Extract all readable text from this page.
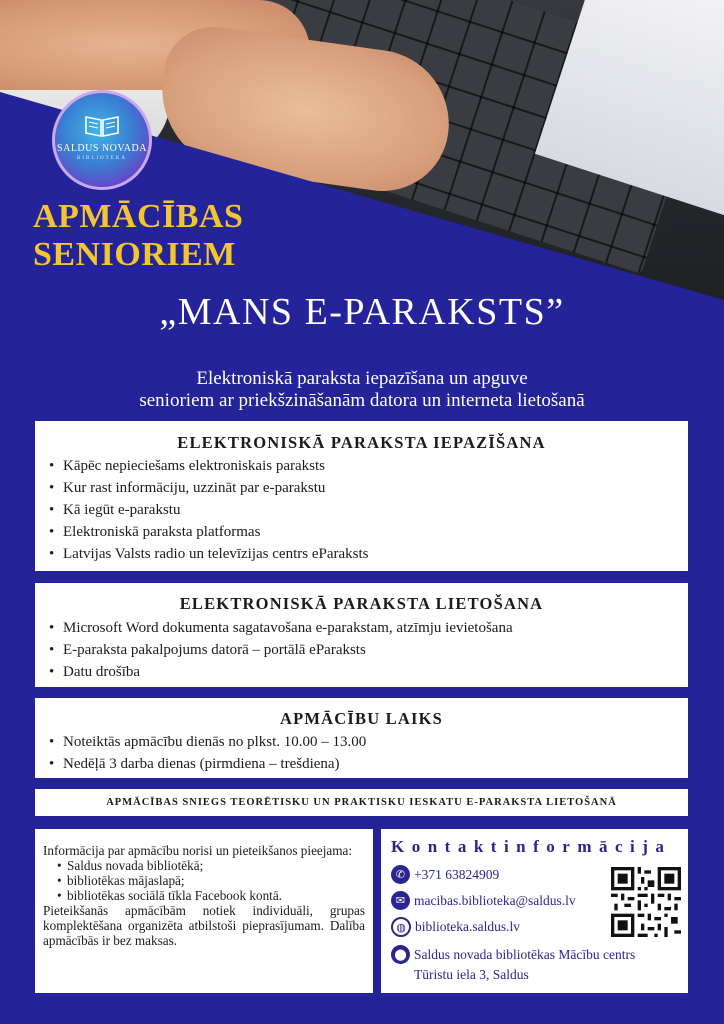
SALDUS NOVADA
BIBLIOTEKA
APMĀCĪBAS
SENIORIEM
„MANS E-PARAKSTS”
Elektroniskā paraksta iepazīšana un apguve
senioriem ar priekšzināšanām datora un interneta lietošanā
ELEKTRONISKĀ PARAKSTA IEPAZĪŠANA
• Kāpēc nepieciešams elektroniskais paraksts
• Kur rast informāciju, uzzināt par e-parakstu
• Kā iegūt e-parakstu
• Elektroniskā paraksta platformas
• Latvijas Valsts radio un televīzijas centrs eParaksts
ELEKTRONISKĀ PARAKSTA LIETOŠANA
• Microsoft Word dokumenta sagatavošana e-parakstam, atzīmju ievietošana
• E-paraksta pakalpojums datorā – portālā eParaksts
• Datu drošība
APMĀCĪBU LAIKS
• Noteiktās apmācību dienās no plkst. 10.00 – 13.00
• Nedēļā 3 darba dienas (pirmdiena – trešdiena)
APMĀCĪBAS SNIEGS TEORĒTISKU UN PRAKTISKU IESKATU E-PARAKSTA LIETOŠANĀ
Informācija par apmācību norisi un pieteikšanos pieejama:
• Saldus novada bibliotēkā;
• bibliotēkas mājaslapā;
• bibliotēkas sociālā tīkla Facebook kontā.
Pieteikšanās apmācībām notiek individuāli, grupas komplektēšana organizēta atbilstoši pieprasījumam. Dalība apmācībās ir bez maksas.
Kontaktinformācija
✆ +371 63824909
✉ macibas.biblioteka@saldus.lv
◍ biblioteka.saldus.lv
⬤ Saldus novada bibliotēkas Mācību centrs
Tūristu iela 3, Saldus
